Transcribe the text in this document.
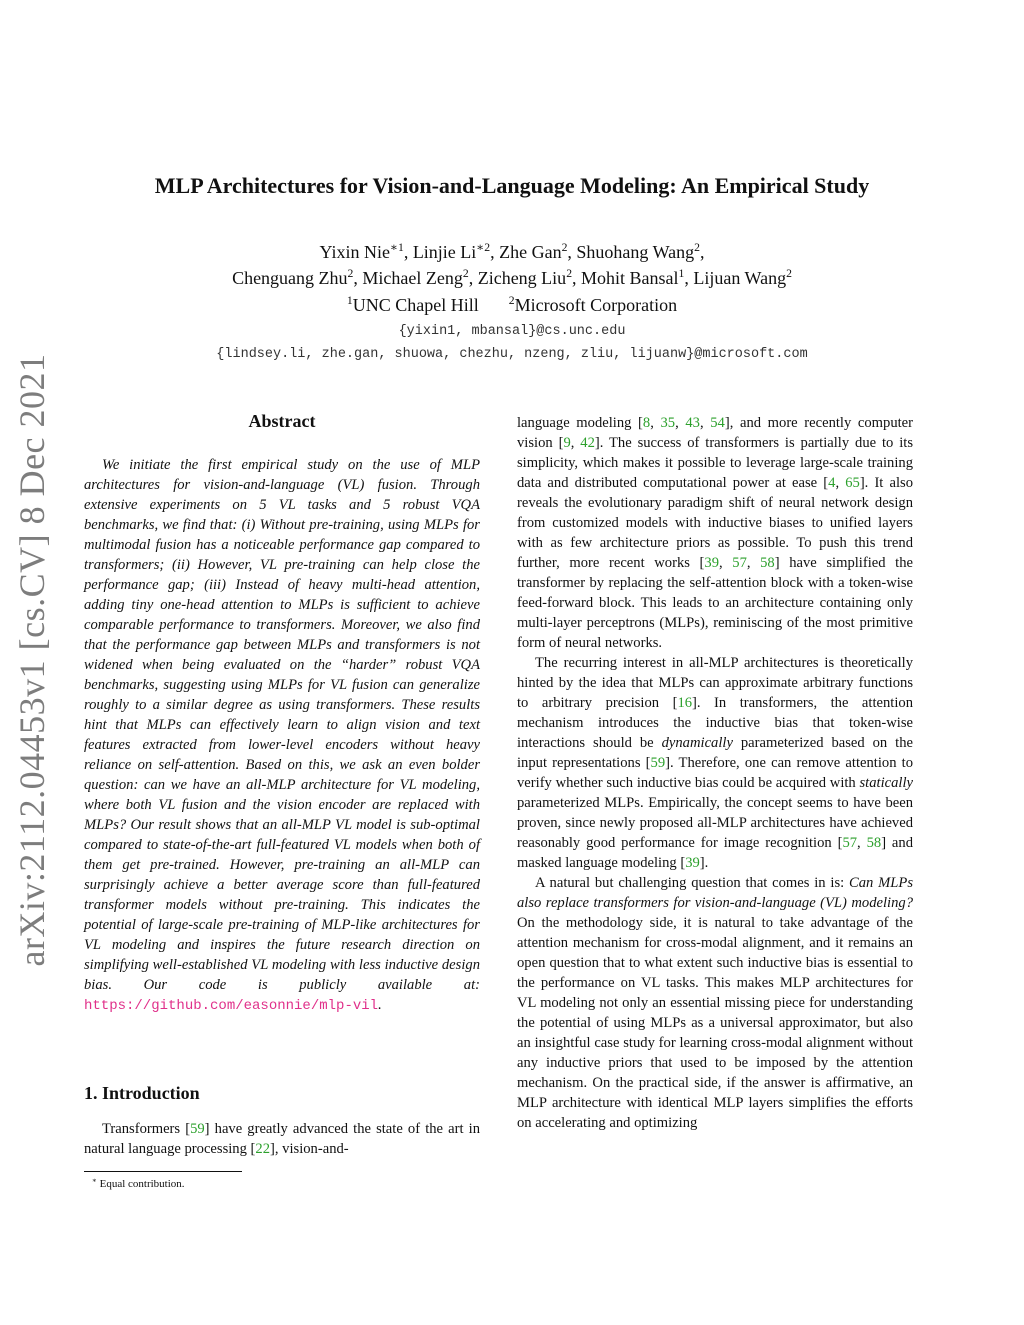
arXiv:2112.04453v1 [cs.CV] 8 Dec 2021
MLP Architectures for Vision-and-Language Modeling: An Empirical Study
Yixin Nie$^{∗1}$, Linjie $Li^{∗2}$, Zhe Gan$^2$, Shuohang Wang$^2$,
Chenguang Zhu$^2$, Michael Zeng$^2$, Zicheng Liu$^2$, Mohit Bansal$^1$, Lijuan Wang$^2$
$^1$UNC Chapel Hill	$^2$Microsoft Corporation
{yixin1, mbansal}@cs.unc.edu
{lindsey.li, zhe.gan, shuowa, chezhu, nzeng, zliu, lijuanw}@microsoft.com
Abstract

We initiate the first empirical study on the use of MLP architectures for vision-and-language (VL) fusion. Through extensive experiments on 5 VL tasks and 5 robust VQA benchmarks, we find that: (i) Without pre-training, using MLPs for multimodal fusion has a noticeable performance gap compared to transformers; (ii) However, VL pre-training can help close the performance gap; (iii) Instead of heavy multi-head attention, adding tiny one-head attention to MLPs is sufficient to achieve comparable performance to transformers. Moreover, we also find that the performance gap between MLPs and transformers is not widened when being evaluated on the “harder” robust VQA benchmarks, suggesting using MLPs for VL fusion can generalize roughly to a similar degree as using transformers. These results hint that MLPs can effectively learn to align vision and text features extracted from lower-level encoders without heavy reliance on self-attention. Based on this, we ask an even bolder question: can we have an all-MLP architecture for VL modeling, where both VL fusion and the vision encoder are replaced with MLPs? Our result shows that an all-MLP VL model is sub-optimal compared to state-of-the-art full-featured VL models when both of them get pre-trained. However, pre-training an all-MLP can surprisingly achieve a better average score than full-featured transformer models without pre-training. This indicates the potential of large-scale pre-training of MLP-like architectures for VL modeling and inspires the future research direction on simplifying well-established VL modeling with less inductive design bias. Our code is publicly available at: https://github.com/easonnie/mlp-vil.

1. Introduction

Transformers [59] have greatly advanced the state of the art in natural language processing [22], vision-and-

∗ Equal contribution.

language modeling [8, 35, 43, 54], and more recently computer vision [9, 42]. The success of transformers is partially due to its simplicity, which makes it possible to leverage large-scale training data and distributed computational power at ease [4, 65]. It also reveals the evolutionary paradigm shift of neural network design from customized models with inductive biases to unified layers with as few architecture priors as possible. To push this trend further, more recent works [39, 57, 58] have simplified the transformer by replacing the self-attention block with a token-wise feed-forward block. This leads to an architecture containing only multi-layer perceptrons (MLPs), reminiscing of the most primitive form of neural networks.

The recurring interest in all-MLP architectures is theoretically hinted by the idea that MLPs can approximate arbitrary functions to arbitrary precision [16]. In transformers, the attention mechanism introduces the inductive bias that token-wise interactions should be dynamically parameterized based on the input representations [59]. Therefore, one can remove attention to verify whether such inductive bias could be acquired with statically parameterized MLPs. Empirically, the concept seems to have been proven, since newly proposed all-MLP architectures have achieved reasonably good performance for image recognition [57, 58] and masked language modeling [39].

A natural but challenging question that comes in is: Can MLPs also replace transformers for vision-and-language (VL) modeling? On the methodology side, it is natural to take advantage of the attention mechanism for cross-modal alignment, and it remains an open question that to what extent such inductive bias is essential to the performance on VL tasks. This makes MLP architectures for VL modeling not only an essential missing piece for understanding the potential of using MLPs as a universal approximator, but also an insightful case study for learning cross-modal alignment without any inductive priors that used to be imposed by the attention mechanism. On the practical side, if the answer is affirmative, an MLP architecture with identical MLP layers simplifies the efforts on accelerating and optimizing
